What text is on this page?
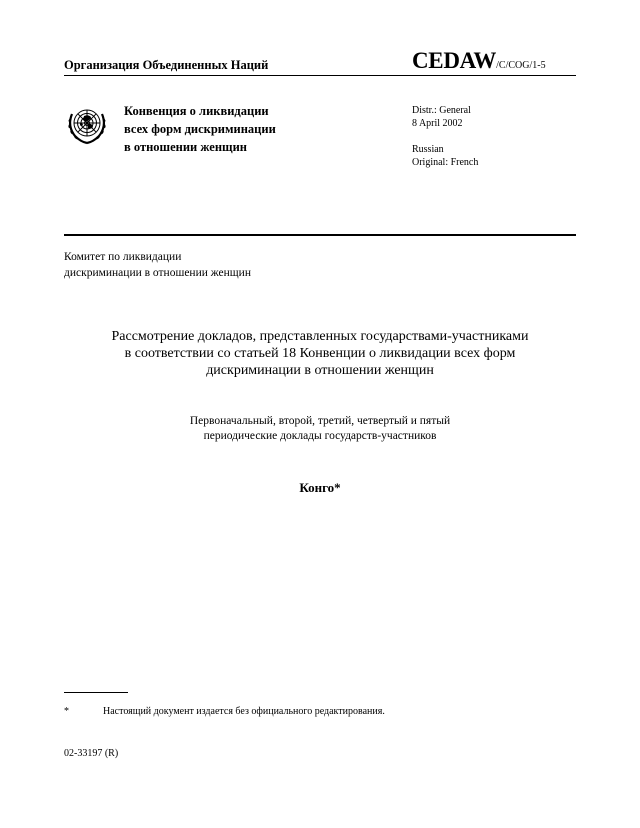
Организация Объединенных Наций	CEDAW/C/COG/1-5
Конвенция о ликвидации
всех форм дискриминации
в отношении женщин
Distr.: General
8 April 2002
Russian
Original: French
Комитет по ликвидации
дискриминации в отношении женщин
Рассмотрение докладов, представленных государствами-участниками
в соответствии со статьей 18 Конвенции о ликвидации всех форм
дискриминации в отношении женщин
Первоначальный, второй, третий, четвертый и пятый
периодические доклады государств-участников
Конго*
*	Настоящий документ издается без официального редактирования.
02-33197 (R)
